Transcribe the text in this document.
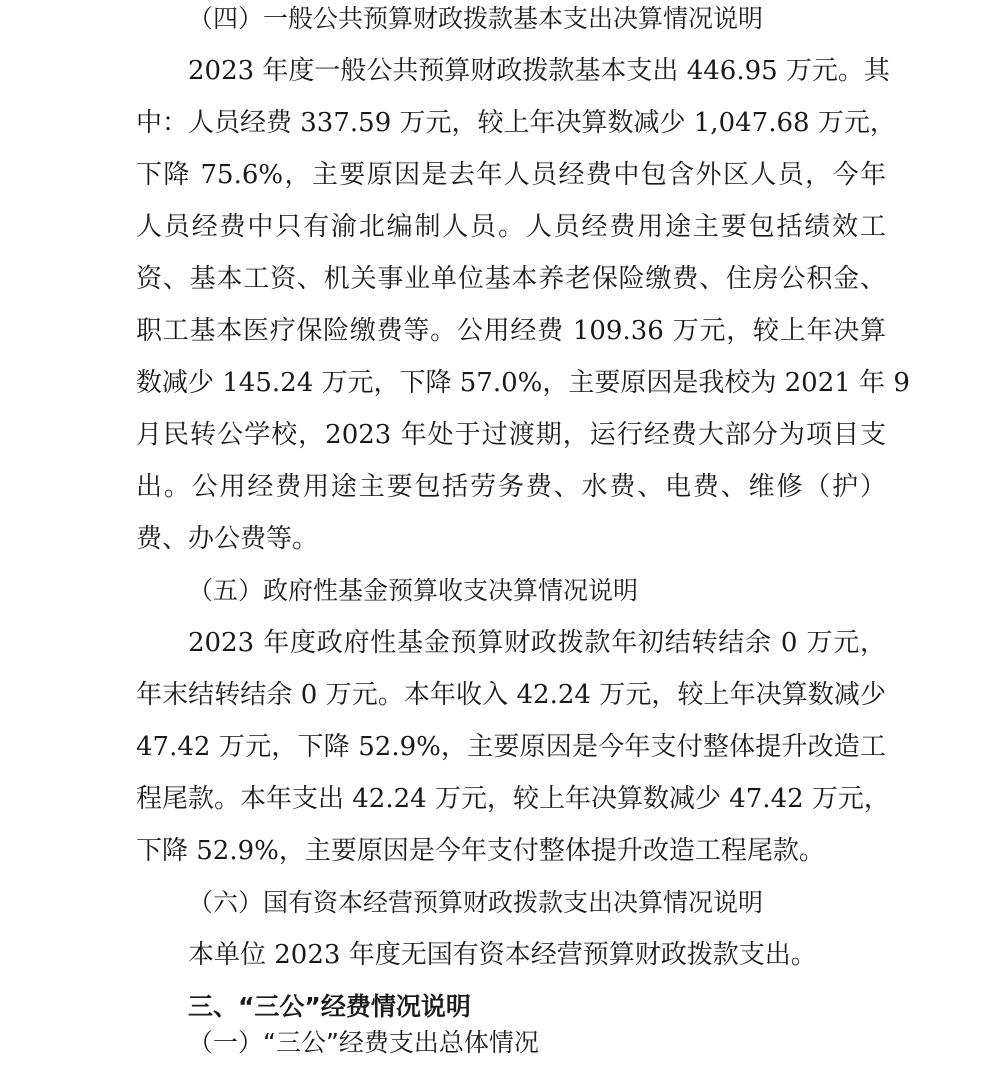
（四）一般公共预算财政拨款基本支出决算情况说明
2023 年度一般公共预算财政拨款基本支出 446.95 万元。其
中：人员经费 337.59 万元，较上年决算数减少 1,047.68 万元，
下降 75.6%，主要原因是去年人员经费中包含外区人员，今年
人员经费中只有渝北编制人员。人员经费用途主要包括绩效工
资、基本工资、机关事业单位基本养老保险缴费、住房公积金、
职工基本医疗保险缴费等。公用经费 109.36 万元，较上年决算
数减少 145.24 万元，下降 57.0%，主要原因是我校为 2021 年 9
月民转公学校，2023 年处于过渡期，运行经费大部分为项目支
出。公用经费用途主要包括劳务费、水费、电费、维修（护）
费、办公费等。
（五）政府性基金预算收支决算情况说明
2023 年度政府性基金预算财政拨款年初结转结余 0 万元，
年末结转结余 0 万元。本年收入 42.24 万元，较上年决算数减少
47.42 万元，下降 52.9%，主要原因是今年支付整体提升改造工
程尾款。本年支出 42.24 万元，较上年决算数减少 47.42 万元，
下降 52.9%，主要原因是今年支付整体提升改造工程尾款。
（六）国有资本经营预算财政拨款支出决算情况说明
本单位 2023 年度无国有资本经营预算财政拨款支出。
三、“三公”经费情况说明
（一）“三公”经费支出总体情况
